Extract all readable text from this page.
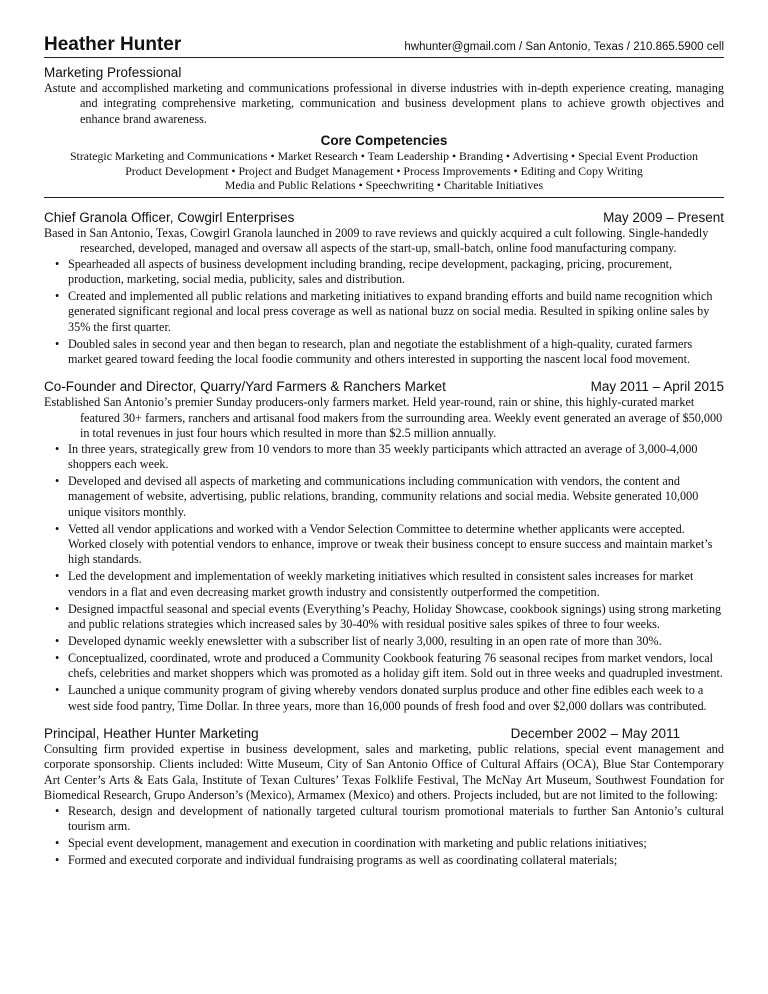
Heather Hunter	hwhunter@gmail.com / San Antonio, Texas / 210.865.5900 cell
Marketing Professional
Astute and accomplished marketing and communications professional in diverse industries with in-depth experience creating, managing and integrating comprehensive marketing, communication and business development plans to achieve growth objectives and enhance brand awareness.
Core Competencies
Strategic Marketing and Communications • Market Research • Team Leadership • Branding • Advertising • Special Event Production
Product Development • Project and Budget Management • Process Improvements • Editing and Copy Writing
Media and Public Relations • Speechwriting • Charitable Initiatives
Chief Granola Officer, Cowgirl Enterprises	May 2009 – Present
Based in San Antonio, Texas, Cowgirl Granola launched in 2009 to rave reviews and quickly acquired a cult following. Single-handedly researched, developed, managed and oversaw all aspects of the start-up, small-batch, online food manufacturing company.
• Spearheaded all aspects of business development including branding, recipe development, packaging, pricing, procurement, production, marketing, social media, publicity, sales and distribution.
• Created and implemented all public relations and marketing initiatives to expand branding efforts and build name recognition which generated significant regional and local press coverage as well as national buzz on social media. Resulted in spiking online sales by 35% the first quarter.
• Doubled sales in second year and then began to research, plan and negotiate the establishment of a high-quality, curated farmers market geared toward feeding the local foodie community and others interested in supporting the nascent local food movement.
Co-Founder and Director, Quarry/Yard Farmers & Ranchers Market	May 2011 – April 2015
Established San Antonio’s premier Sunday producers-only farmers market. Held year-round, rain or shine, this highly-curated market featured 30+ farmers, ranchers and artisanal food makers from the surrounding area. Weekly event generated an average of $50,000 in total revenues in just four hours which resulted in more than $2.5 million annually.
• In three years, strategically grew from 10 vendors to more than 35 weekly participants which attracted an average of 3,000-4,000 shoppers each week.
• Developed and devised all aspects of marketing and communications including communication with vendors, the content and management of website, advertising, public relations, branding, community relations and social media. Website generated 10,000 unique visitors monthly.
• Vetted all vendor applications and worked with a Vendor Selection Committee to determine whether applicants were accepted. Worked closely with potential vendors to enhance, improve or tweak their business concept to ensure success and maintain market’s high standards.
• Led the development and implementation of weekly marketing initiatives which resulted in consistent sales increases for market vendors in a flat and even decreasing market growth industry and consistently outperformed the competition.
• Designed impactful seasonal and special events (Everything’s Peachy, Holiday Showcase, cookbook signings) using strong marketing and public relations strategies which increased sales by 30-40% with residual positive sales spikes of three to four weeks.
• Developed dynamic weekly enewsletter with a subscriber list of nearly 3,000, resulting in an open rate of more than 30%.
• Conceptualized, coordinated, wrote and produced a Community Cookbook featuring 76 seasonal recipes from market vendors, local chefs, celebrities and market shoppers which was promoted as a holiday gift item. Sold out in three weeks and quadrupled investment.
• Launched a unique community program of giving whereby vendors donated surplus produce and other fine edibles each week to a west side food pantry, Time Dollar. In three years, more than 16,000 pounds of fresh food and over $2,000 dollars was contributed.
Principal, Heather Hunter Marketing	December 2002 – May 2011
Consulting firm provided expertise in business development, sales and marketing, public relations, special event management and corporate sponsorship. Clients included: Witte Museum, City of San Antonio Office of Cultural Affairs (OCA), Blue Star Contemporary Art Center’s Arts & Eats Gala, Institute of Texan Cultures’ Texas Folklife Festival, The McNay Art Museum, Southwest Foundation for Biomedical Research, Grupo Anderson’s (Mexico), Armamex (Mexico) and others. Projects included, but are not limited to the following:
• Research, design and development of nationally targeted cultural tourism promotional materials to further San Antonio’s cultural tourism arm.
• Special event development, management and execution in coordination with marketing and public relations initiatives;
• Formed and executed corporate and individual fundraising programs as well as coordinating collateral materials;
